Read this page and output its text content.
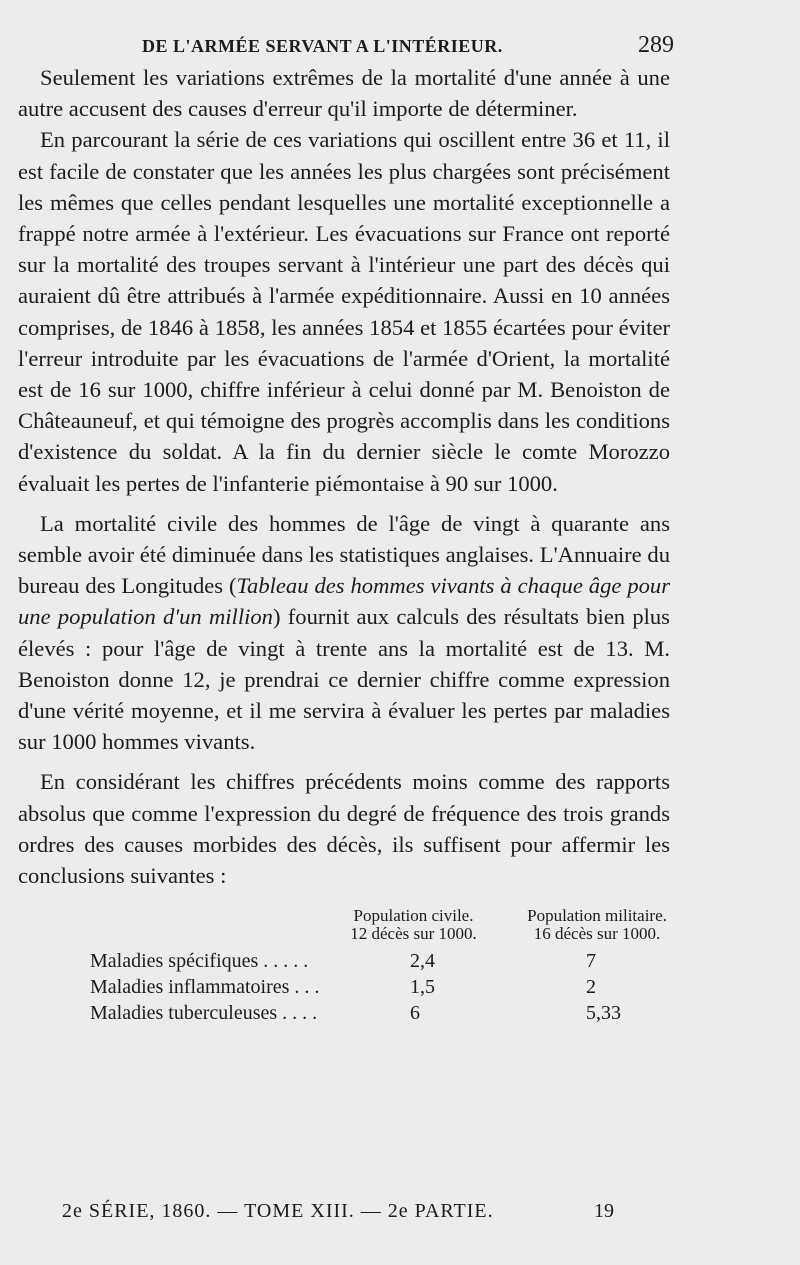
DE L'ARMÉE SERVANT A L'INTÉRIEUR.	289

Seulement les variations extrêmes de la mortalité d'une année à une autre accusent des causes d'erreur qu'il importe de déterminer.

En parcourant la série de ces variations qui oscillent entre 36 et 11, il est facile de constater que les années les plus chargées sont précisément les mêmes que celles pendant lesquelles une mortalité exceptionnelle a frappé notre armée à l'extérieur. Les évacuations sur France ont reporté sur la mortalité des troupes servant à l'intérieur une part des décès qui auraient dû être attribués à l'armée expéditionnaire. Aussi en 10 années comprises, de 1846 à 1858, les années 1854 et 1855 écartées pour éviter l'erreur introduite par les évacuations de l'armée d'Orient, la mortalité est de 16 sur 1000, chiffre inférieur à celui donné par M. Benoiston de Châteauneuf, et qui témoigne des progrès accomplis dans les conditions d'existence du soldat. A la fin du dernier siècle le comte Morozzo évaluait les pertes de l'infanterie piémontaise à 90 sur 1000.

La mortalité civile des hommes de l'âge de vingt à quarante ans semble avoir été diminuée dans les statistiques anglaises. L'Annuaire du bureau des Longitudes (Tableau des hommes vivants à chaque âge pour une population d'un million) fournit aux calculs des résultats bien plus élevés : pour l'âge de vingt à trente ans la mortalité est de 13. M. Benoiston donne 12, je prendrai ce dernier chiffre comme expression d'une vérité moyenne, et il me servira à évaluer les pertes par maladies sur 1000 hommes vivants.

En considérant les chiffres précédents moins comme des rapports absolus que comme l'expression du degré de fréquence des trois grands ordres des causes morbides des décès, ils suffisent pour affermir les conclusions suivantes :

Population civile.
12 décès sur 1000.
Population militaire.
16 décès sur 1000.
Maladies spécifiques . . . . .	2,4	7
Maladies inflammatoires . . .	1,5	2
Maladies tuberculeuses . . . .	6	5,33
2e SÉRIE, 1860. — TOME XIII. — 2e PARTIE.	19
